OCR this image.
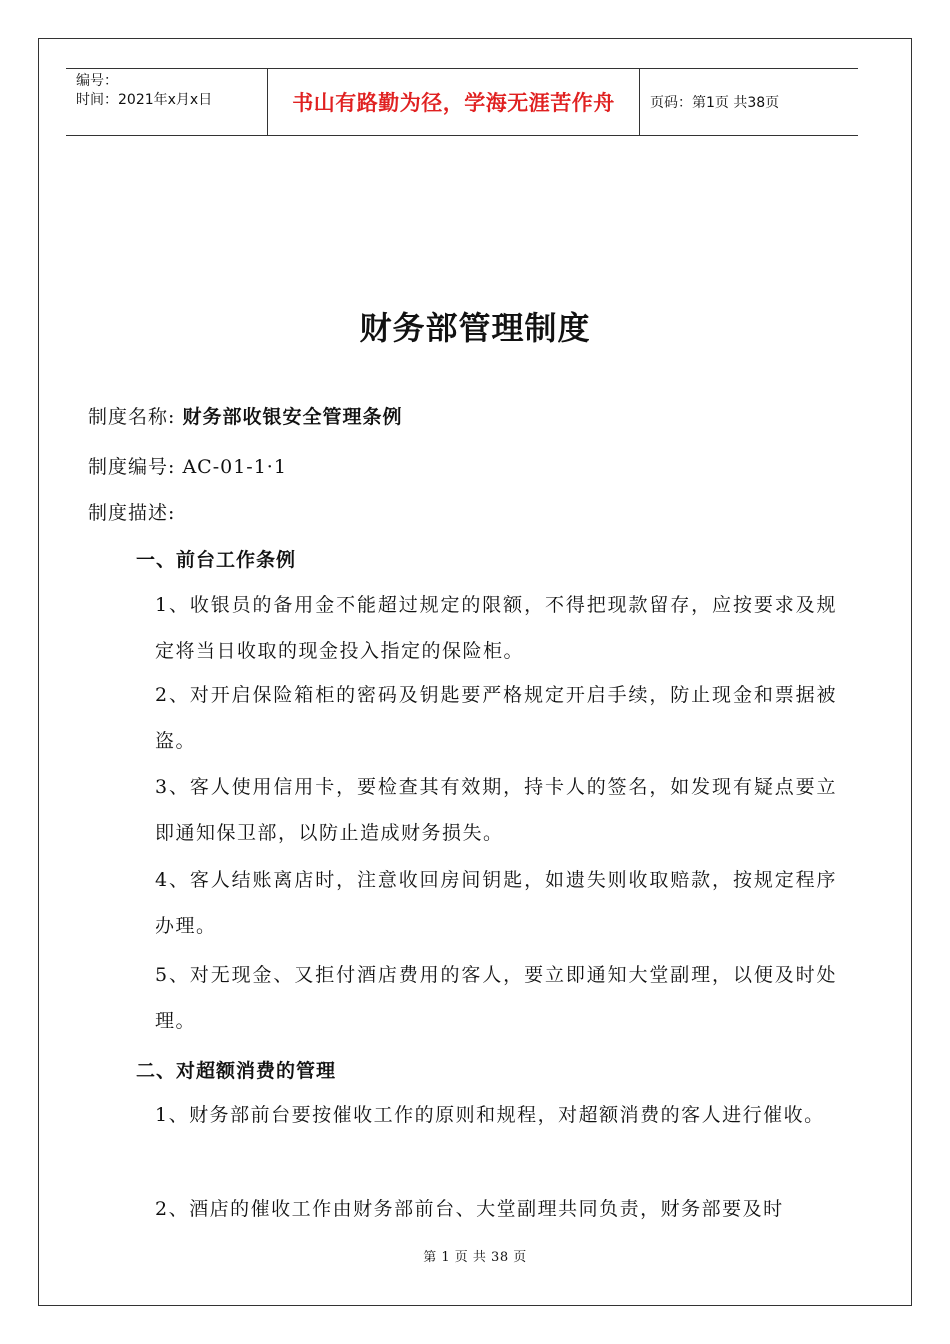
编号：
时间：2021年x月x日	书山有路勤为径，学海无涯苦作舟	页码：第1页 共38页
财务部管理制度
制度名称: 财务部收银安全管理条例
制度编号: AC-01-1·1
制度描述:
一、前台工作条例
1、收银员的备用金不能超过规定的限额，不得把现款留存，应按要求及规定将当日收取的现金投入指定的保险柜。
2、对开启保险箱柜的密码及钥匙要严格规定开启手续，防止现金和票据被盗。
3、客人使用信用卡，要检查其有效期，持卡人的签名，如发现有疑点要立即通知保卫部，以防止造成财务损失。
4、客人结账离店时，注意收回房间钥匙，如遗失则收取赔款，按规定程序办理。
5、对无现金、又拒付酒店费用的客人，要立即通知大堂副理，以便及时处理。
二、对超额消费的管理
1、财务部前台要按催收工作的原则和规程，对超额消费的客人进行催收。
2、酒店的催收工作由财务部前台、大堂副理共同负责，财务部要及时
第 1 页 共 38 页
